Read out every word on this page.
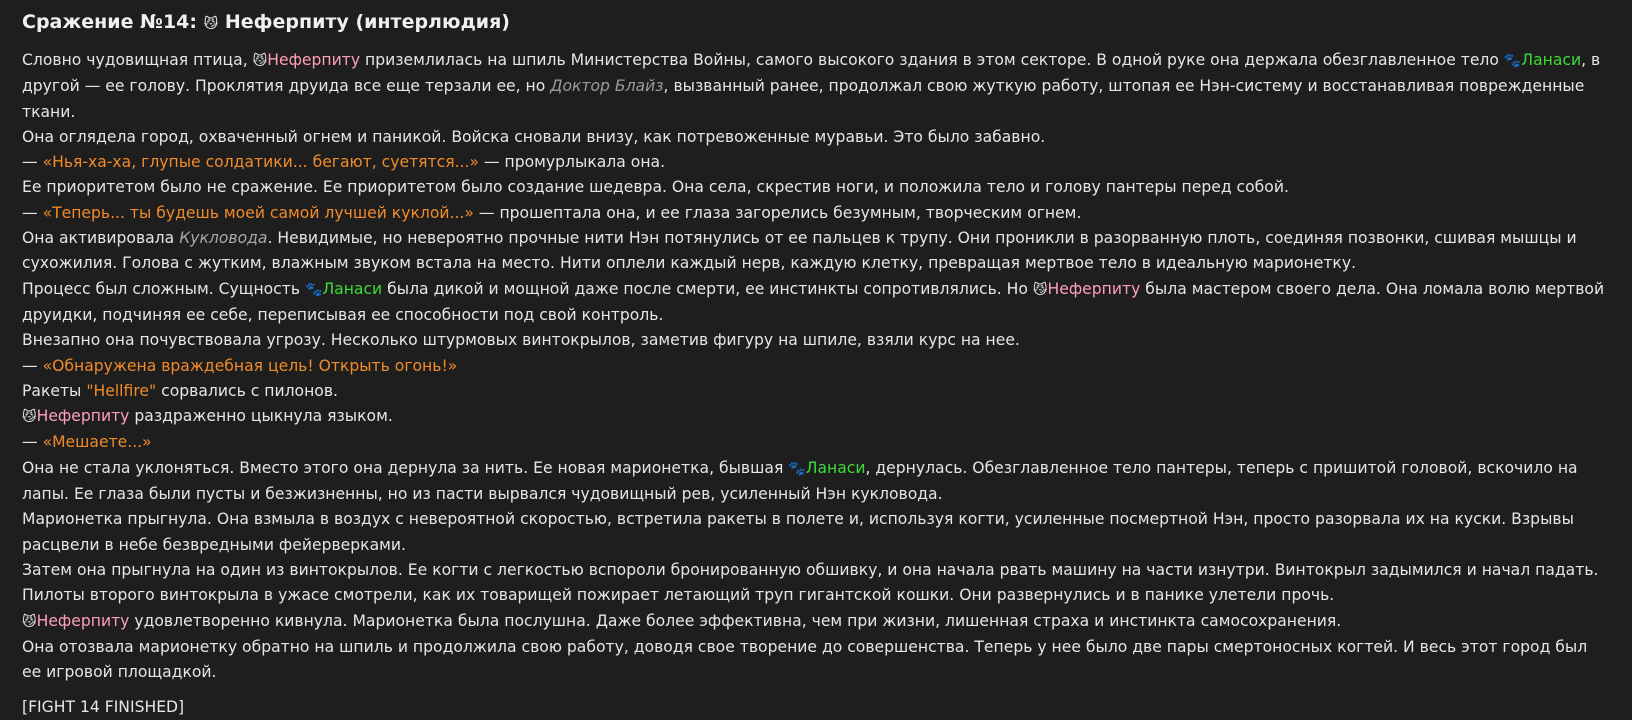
Сражение №14: 😼 Неферпиту (интерлюдия)

Словно чудовищная птица, 😼Неферпиту приземлилась на шпиль Министерства Войны, самого высокого здания в этом секторе. В одной руке она держала обезглавленное тело 🐾Ланаси, в другой — ее голову. Проклятия друида все еще терзали ее, но Доктор Блайз, вызванный ранее, продолжал свою жуткую работу, штопая ее Нэн-систему и восстанавливая поврежденные ткани.

Она оглядела город, охваченный огнем и паникой. Войска сновали внизу, как потревоженные муравьи. Это было забавно.

— «Нья-ха-ха, глупые солдатики... бегают, суетятся...» — промурлыкала она.

Ее приоритетом было не сражение. Ее приоритетом было создание шедевра. Она села, скрестив ноги, и положила тело и голову пантеры перед собой.

— «Теперь... ты будешь моей самой лучшей куклой...» — прошептала она, и ее глаза загорелись безумным, творческим огнем.

Она активировала Кукловода. Невидимые, но невероятно прочные нити Нэн потянулись от ее пальцев к трупу. Они проникли в разорванную плоть, соединяя позвонки, сшивая мышцы и сухожилия. Голова с жутким, влажным звуком встала на место. Нити оплели каждый нерв, каждую клетку, превращая мертвое тело в идеальную марионетку.

Процесс был сложным. Сущность 🐾Ланаси была дикой и мощной даже после смерти, ее инстинкты сопротивлялись. Но 😼Неферпиту была мастером своего дела. Она ломала волю мертвой друидки, подчиняя ее себе, переписывая ее способности под свой контроль.

Внезапно она почувствовала угрозу. Несколько штурмовых винтокрылов, заметив фигуру на шпиле, взяли курс на нее.

— «Обнаружена враждебная цель! Открыть огонь!»

Ракеты "Hellfire" сорвались с пилонов.

😼Неферпиту раздраженно цыкнула языком.

— «Мешаете...»

Она не стала уклоняться. Вместо этого она дернула за нить. Ее новая марионетка, бывшая 🐾Ланаси, дернулась. Обезглавленное тело пантеры, теперь с пришитой головой, вскочило на лапы. Ее глаза были пусты и безжизненны, но из пасти вырвался чудовищный рев, усиленный Нэн кукловода.

Марионетка прыгнула. Она взмыла в воздух с невероятной скоростью, встретила ракеты в полете и, используя когти, усиленные посмертной Нэн, просто разорвала их на куски. Взрывы расцвели в небе безвредными фейерверками.

Затем она прыгнула на один из винтокрылов. Ее когти с легкостью вспороли бронированную обшивку, и она начала рвать машину на части изнутри. Винтокрыл задымился и начал падать.

Пилоты второго винтокрыла в ужасе смотрели, как их товарищей пожирает летающий труп гигантской кошки. Они развернулись и в панике улетели прочь.

😼Неферпиту удовлетворенно кивнула. Марионетка была послушна. Даже более эффективна, чем при жизни, лишенная страха и инстинкта самосохранения.

Она отозвала марионетку обратно на шпиль и продолжила свою работу, доводя свое творение до совершенства. Теперь у нее было две пары смертоносных когтей. И весь этот город был ее игровой площадкой.

[FIGHT 14 FINISHED]
